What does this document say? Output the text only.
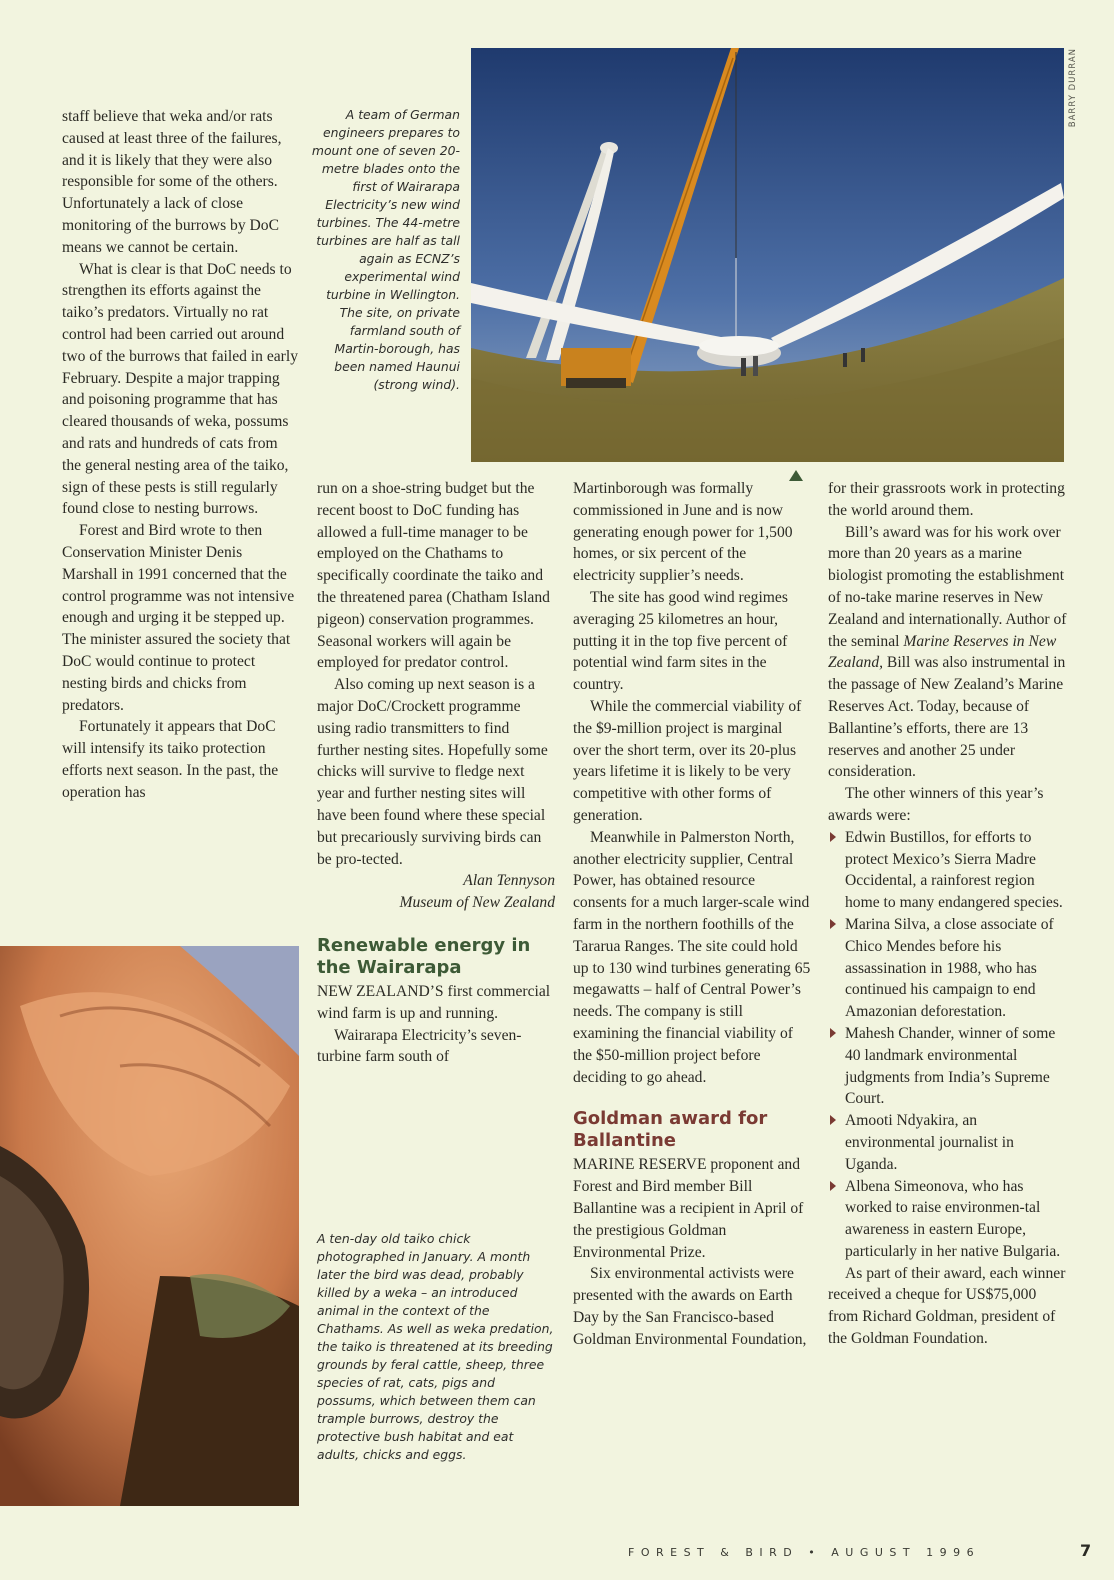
staff believe that weka and/or rats caused at least three of the failures, and it is likely that they were also responsible for some of the others. Unfortunately a lack of close monitoring of the burrows by DoC means we cannot be certain.

What is clear is that DoC needs to strengthen its efforts against the taiko’s predators. Virtually no rat control had been carried out around two of the burrows that failed in early February. Despite a major trapping and poisoning programme that has cleared thousands of weka, possums and rats and hundreds of cats from the general nesting area of the taiko, sign of these pests is still regularly found close to nesting burrows.

Forest and Bird wrote to then Conservation Minister Denis Marshall in 1991 concerned that the control programme was not intensive enough and urging it be stepped up. The minister assured the society that DoC would continue to protect nesting birds and chicks from predators.

Fortunately it appears that DoC will intensify its taiko protection efforts next season. In the past, the operation has

BARRY DURRAN
A team of German engineers prepares to mount one of seven 20-metre blades onto the first of Wairarapa Electricity’s new wind turbines. The 44-metre turbines are half as tall again as ECNZ’s experimental wind turbine in Wellington. The site, on private farmland south of Martin-borough, has been named Haunui (strong wind).
A ten-day old taiko chick photographed in January. A month later the bird was dead, probably killed by a weka – an introduced animal in the context of the Chathams. As well as weka predation, the taiko is threatened at its breeding grounds by feral cattle, sheep, three species of rat, cats, pigs and possums, which between them can trample burrows, destroy the protective bush habitat and eat adults, chicks and eggs.

run on a shoe-string budget but the recent boost to DoC funding has allowed a full-time manager to be employed on the Chathams to specifically coordinate the taiko and the threatened parea (Chatham Island pigeon) conservation programmes. Seasonal workers will again be employed for predator control.

Also coming up next season is a major DoC/Crockett programme using radio transmitters to find further nesting sites. Hopefully some chicks will survive to fledge next year and further nesting sites will have been found where these special but precariously surviving birds can be pro-tected.

Alan Tennyson
Museum of New Zealand
Renewable energy in the Wairarapa

NEW ZEALAND’S first commercial wind farm is up and running.

Wairarapa Electricity’s seven-turbine farm south of

Martinborough was formally commissioned in June and is now generating enough power for 1,500 homes, or six percent of the electricity supplier’s needs.

The site has good wind regimes averaging 25 kilometres an hour, putting it in the top five percent of potential wind farm sites in the country.

While the commercial viability of the $9-million project is marginal over the short term, over its 20-plus years lifetime it is likely to be very competitive with other forms of generation.

Meanwhile in Palmerston North, another electricity supplier, Central Power, has obtained resource consents for a much larger-scale wind farm in the northern foothills of the Tararua Ranges. The site could hold up to 130 wind turbines generating 65 megawatts – half of Central Power’s needs. The company is still examining the financial viability of the $50-million project before deciding to go ahead.

Goldman award for Ballantine

MARINE RESERVE proponent and Forest and Bird member Bill Ballantine was a recipient in April of the prestigious Goldman Environmental Prize.

Six environmental activists were presented with the awards on Earth Day by the San Francisco-based Goldman Environmental Foundation,

for their grassroots work in protecting the world around them.

Bill’s award was for his work over more than 20 years as a marine biologist promoting the establishment of no-take marine reserves in New Zealand and internationally. Author of the seminal Marine Reserves in New Zealand, Bill was also instrumental in the passage of New Zealand’s Marine Reserves Act. Today, because of Ballantine’s efforts, there are 13 reserves and another 25 under consideration.

The other winners of this year’s awards were:

Edwin Bustillos, for efforts to protect Mexico’s Sierra Madre Occidental, a rainforest region home to many endangered species.
Marina Silva, a close associate of Chico Mendes before his assassination in 1988, who has continued his campaign to end Amazonian deforestation.
Mahesh Chander, winner of some 40 landmark environmental judgments from India’s Supreme Court.
Amooti Ndyakira, an environmental journalist in Uganda.
Albena Simeonova, who has worked to raise environmen-tal awareness in eastern Europe, particularly in her native Bulgaria.

As part of their award, each winner received a cheque for US$75,000 from Richard Goldman, president of the Goldman Foundation.

FOREST & BIRD • AUGUST 1996	7
